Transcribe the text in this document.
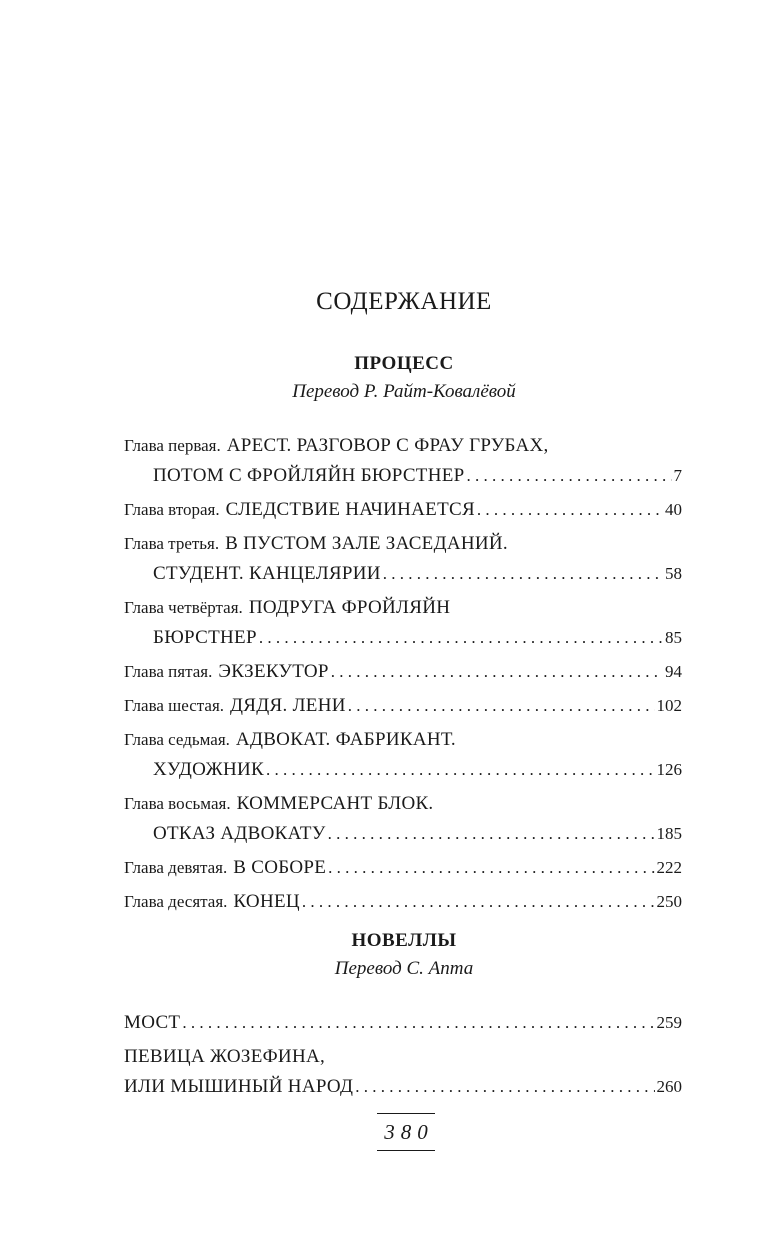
СОДЕРЖАНИЕ
ПРОЦЕСС
Перевод Р. Райт-Ковалёвой
Глава первая. АРЕСТ. РАЗГОВОР С ФРАУ ГРУБАХ,
ПОТОМ С ФРОЙЛЯЙН БЮРСТНЕР . . .	7
Глава вторая. СЛЕДСТВИЕ НАЧИНАЕТСЯ . . .	40
Глава третья. В ПУСТОМ ЗАЛЕ ЗАСЕДАНИЙ.
СТУДЕНТ. КАНЦЕЛЯРИИ . . .	58
Глава четвёртая. ПОДРУГА ФРОЙЛЯЙН
БЮРСТНЕР . . .	85
Глава пятая. ЭКЗЕКУТОР . . .	94
Глава шестая. ДЯДЯ. ЛЕНИ . . .	102
Глава седьмая. АДВОКАТ. ФАБРИКАНТ.
ХУДОЖНИК . . .	126
Глава восьмая. КОММЕРСАНТ БЛОК.
ОТКАЗ АДВОКАТУ . . .	185
Глава девятая. В СОБОРЕ . . .	222
Глава десятая. КОНЕЦ . . .	250
НОВЕЛЛЫ
Перевод С. Апта
МОСТ . . .	259
ПЕВИЦА ЖОЗЕФИНА,
ИЛИ МЫШИНЫЙ НАРОД . . .	260
380
